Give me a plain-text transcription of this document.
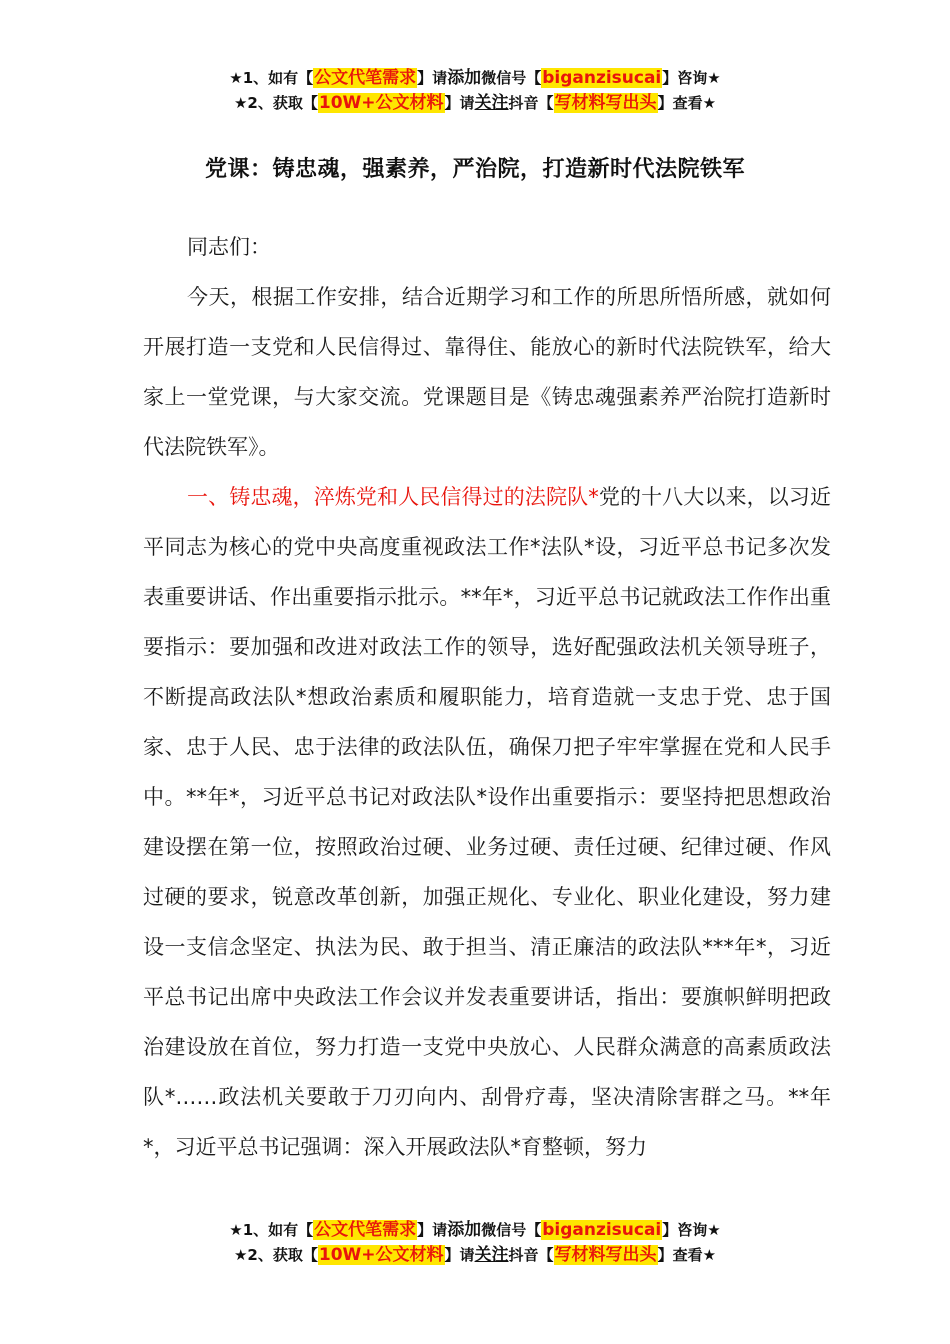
★1、如有【公文代笔需求】请添加微信号【biganzisucai】咨询★
★2、获取【10W+公文材料】请关注抖音【写材料写出头】查看★
党课：铸忠魂，强素养，严治院，打造新时代法院铁军

同志们：

今天，根据工作安排，结合近期学习和工作的所思所悟所感，就如何开展打造一支党和人民信得过、靠得住、能放心的新时代法院铁军，给大家上一堂党课，与大家交流。党课题目是《铸忠魂强素养严治院打造新时代法院铁军》。

一、铸忠魂，淬炼党和人民信得过的法院队*党的十八大以来，以习近平同志为核心的党中央高度重视政法工作*法队*设，习近平总书记多次发表重要讲话、作出重要指示批示。**年*，习近平总书记就政法工作作出重要指示：要加强和改进对政法工作的领导，选好配强政法机关领导班子，不断提高政法队*想政治素质和履职能力，培育造就一支忠于党、忠于国家、忠于人民、忠于法律的政法队伍，确保刀把子牢牢掌握在党和人民手中。**年*，习近平总书记对政法队*设作出重要指示：要坚持把思想政治建设摆在第一位，按照政治过硬、业务过硬、责任过硬、纪律过硬、作风过硬的要求，锐意改革创新，加强正规化、专业化、职业化建设，努力建设一支信念坚定、执法为民、敢于担当、清正廉洁的政法队***年*，习近平总书记出席中央政法工作会议并发表重要讲话，指出：要旗帜鲜明把政治建设放在首位，努力打造一支党中央放心、人民群众满意的高素质政法队*……政法机关要敢于刀刃向内、刮骨疗毒，坚决清除害群之马。**年*，习近平总书记强调：深入开展政法队*育整顿，努力

★1、如有【公文代笔需求】请添加微信号【biganzisucai】咨询★
★2、获取【10W+公文材料】请关注抖音【写材料写出头】查看★
